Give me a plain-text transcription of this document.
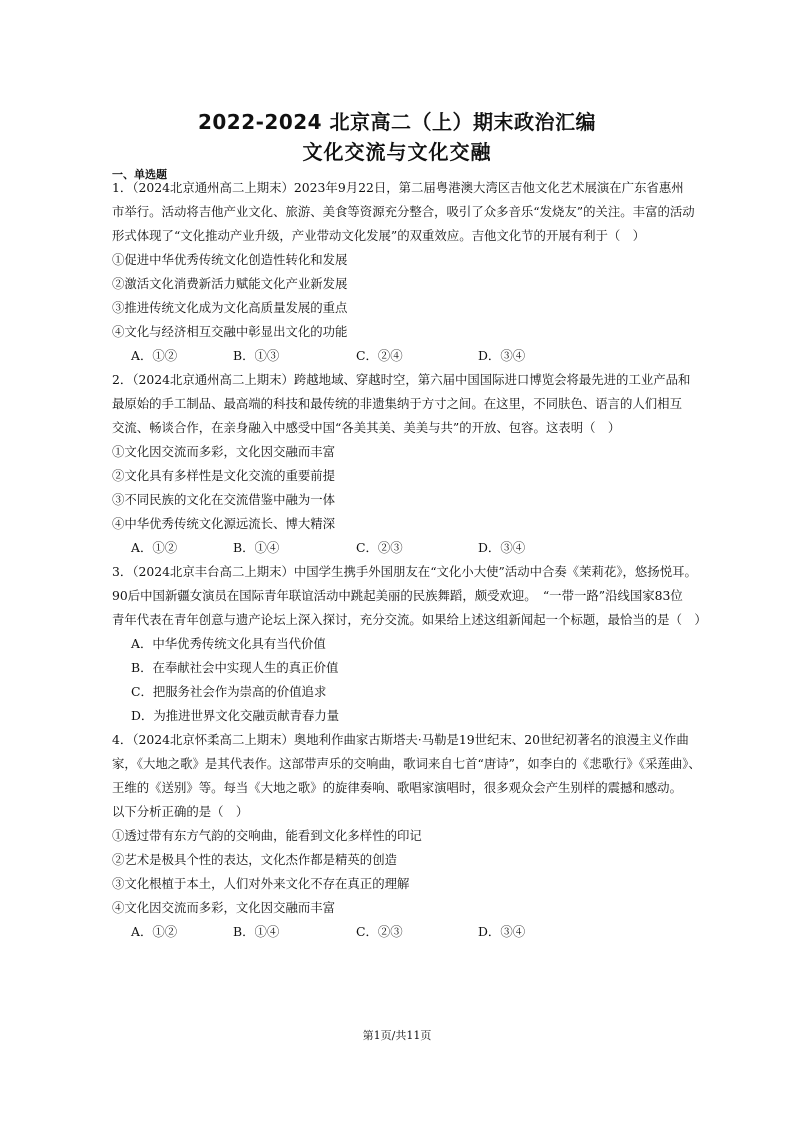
2022-2024 北京高二（上）期末政治汇编
文化交流与文化交融
一、单选题
1．（2024北京通州高二上期末）2023年9月22日，第二届粤港澳大湾区吉他文化艺术展演在广东省惠州
市举行。活动将吉他产业文化、旅游、美食等资源充分整合，吸引了众多音乐“发烧友”的关注。丰富的活动
形式体现了“文化推动产业升级，产业带动文化发展”的双重效应。吉他文化节的开展有利于（　）
①促进中华优秀传统文化创造性转化和发展
②激活文化消费新活力赋能文化产业新发展
③推进传统文化成为文化高质量发展的重点
④文化与经济相互交融中彰显出文化的功能
A．①②	B．①③	C．②④	D．③④
2．（2024北京通州高二上期末）跨越地域、穿越时空，第六届中国国际进口博览会将最先进的工业产品和
最原始的手工制品、最高端的科技和最传统的非遗集纳于方寸之间。在这里，不同肤色、语言的人们相互
交流、畅谈合作，在亲身融入中感受中国“各美其美、美美与共”的开放、包容。这表明（　）
①文化因交流而多彩，文化因交融而丰富
②文化具有多样性是文化交流的重要前提
③不同民族的文化在交流借鉴中融为一体
④中华优秀传统文化源远流长、博大精深
A．①②	B．①④	C．②③	D．③④
3．（2024北京丰台高二上期末）中国学生携手外国朋友在“文化小大使”活动中合奏《茉莉花》，悠扬悦耳。
90后中国新疆女演员在国际青年联谊活动中跳起美丽的民族舞蹈，颇受欢迎。　“一带一路”沿线国家83位
青年代表在青年创意与遗产论坛上深入探讨，充分交流。如果给上述这组新闻起一个标题，最恰当的是（　）
A．中华优秀传统文化具有当代价值
B．在奉献社会中实现人生的真正价值
C．把服务社会作为崇高的价值追求
D．为推进世界文化交融贡献青春力量
4．（2024北京怀柔高二上期末）奥地利作曲家古斯塔夫·马勒是19世纪末、20世纪初著名的浪漫主义作曲
家，《大地之歌》是其代表作。这部带声乐的交响曲，歌词来自七首“唐诗”，如李白的《悲歌行》《采莲曲》、
王维的《送别》等。每当《大地之歌》的旋律奏响、歌唱家演唱时，很多观众会产生别样的震撼和感动。
以下分析正确的是（　）
①透过带有东方气韵的交响曲，能看到文化多样性的印记
②艺术是极具个性的表达，文化杰作都是精英的创造
③文化根植于本土，人们对外来文化不存在真正的理解
④文化因交流而多彩，文化因交融而丰富
A．①②	B．①④	C．②③	D．③④
第1页/共11页
